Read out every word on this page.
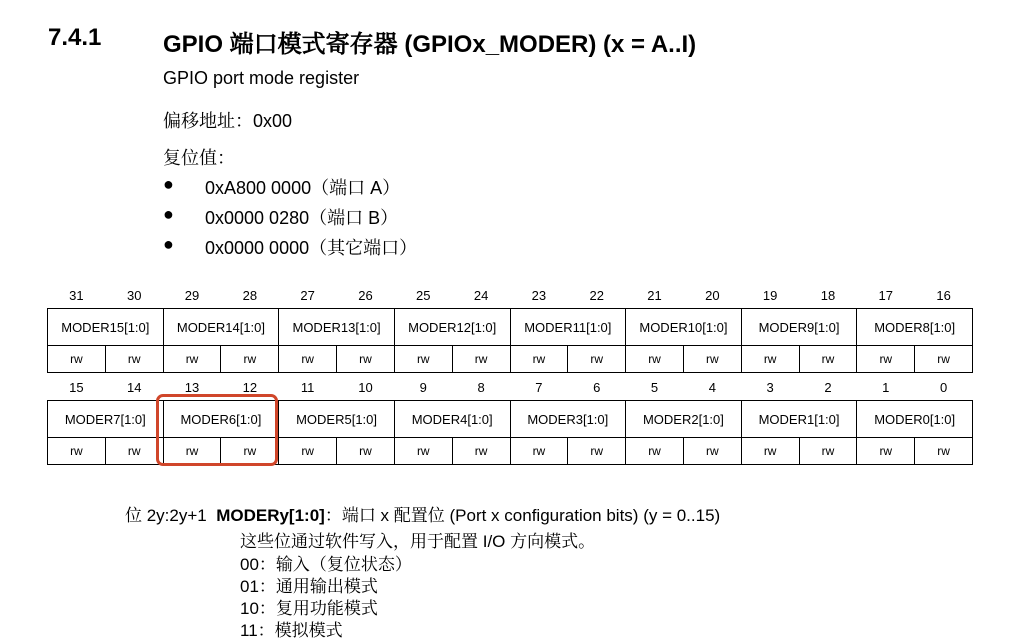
7.4.1	GPIO 端口模式寄存器 (GPIOx_MODER) (x = A..I)
GPIO port mode register
偏移地址：0x00
复位值：
●	0xA800 0000（端口 A）
●	0x0000 0280（端口 B）
●	0x0000 0000（其它端口）
31	30	29	28	27	26	25	24	23	22	21	20	19	18	17	16
MODER15[1:0]		MODER14[1:0]		MODER13[1:0]		MODER12[1:0]		MODER11[1:0]		MODER10[1:0]		MODER9[1:0]		MODER8[1:0]	
rw	rw	rw	rw	rw	rw	rw	rw	rw	rw	rw	rw	rw	rw	rw	rw
15	14	13	12	11	10	9	8	7	6	5	4	3	2	1	0
MODER7[1:0]		MODER6[1:0]		MODER5[1:0]		MODER4[1:0]		MODER3[1:0]		MODER2[1:0]		MODER1[1:0]		MODER0[1:0]	
rw	rw	rw	rw	rw	rw	rw	rw	rw	rw	rw	rw	rw	rw	rw	rw
位 2y:2y+1 MODERy[1:0]：端口 x 配置位 (Port x configuration bits) (y = 0..15)
这些位通过软件写入，用于配置 I/O 方向模式。
00：输入（复位状态）
01：通用输出模式
10：复用功能模式
11：模拟模式
